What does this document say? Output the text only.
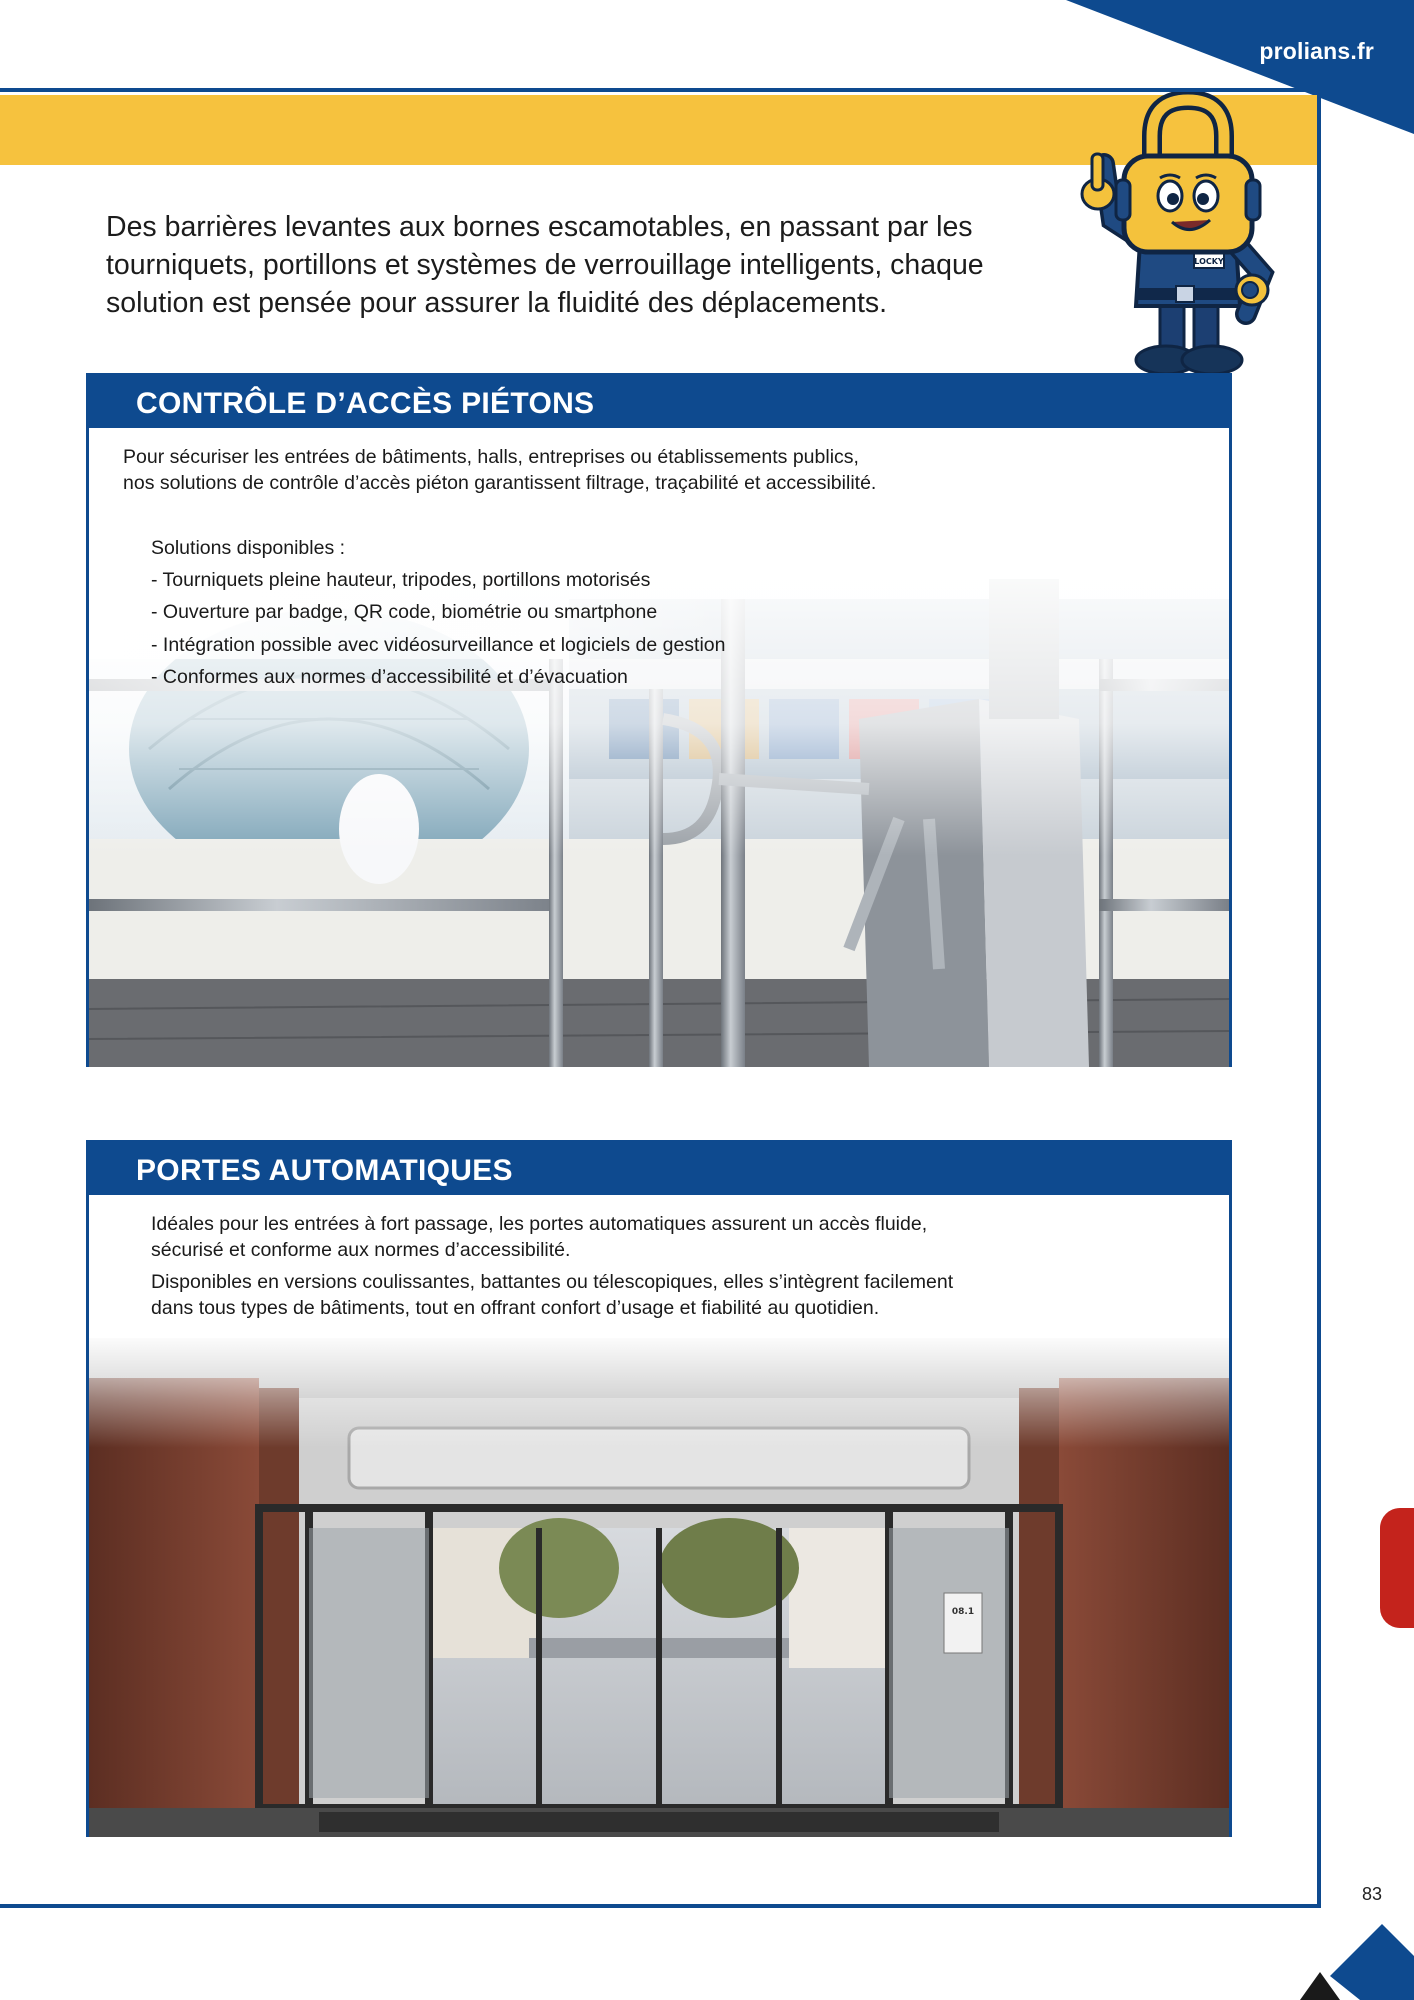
prolians.fr
LOCKY
Des barrières levantes aux bornes escamotables, en passant par les
tourniquets, portillons et systèmes de verrouillage intelligents, chaque
solution est pensée pour assurer la fluidité des déplacements.
CONTRÔLE D’ACCÈS PIÉTONS
Pour sécuriser les entrées de bâtiments, halls, entreprises ou établissements publics,
nos solutions de contrôle d’accès piéton garantissent filtrage, traçabilité et accessibilité.
Solutions disponibles :
- Tourniquets pleine hauteur, tripodes, portillons motorisés
- Ouverture par badge, QR code, biométrie ou smartphone
- Intégration possible avec vidéosurveillance et logiciels de gestion
- Conformes aux normes d’accessibilité et d’évacuation
PORTES AUTOMATIQUES
Idéales pour les entrées à fort passage, les portes automatiques assurent un accès fluide,
sécurisé et conforme aux normes d’accessibilité.
Disponibles en versions coulissantes, battantes ou télescopiques, elles s’intègrent facilement
dans tous types de bâtiments, tout en offrant confort d’usage et fiabilité au quotidien.
83
